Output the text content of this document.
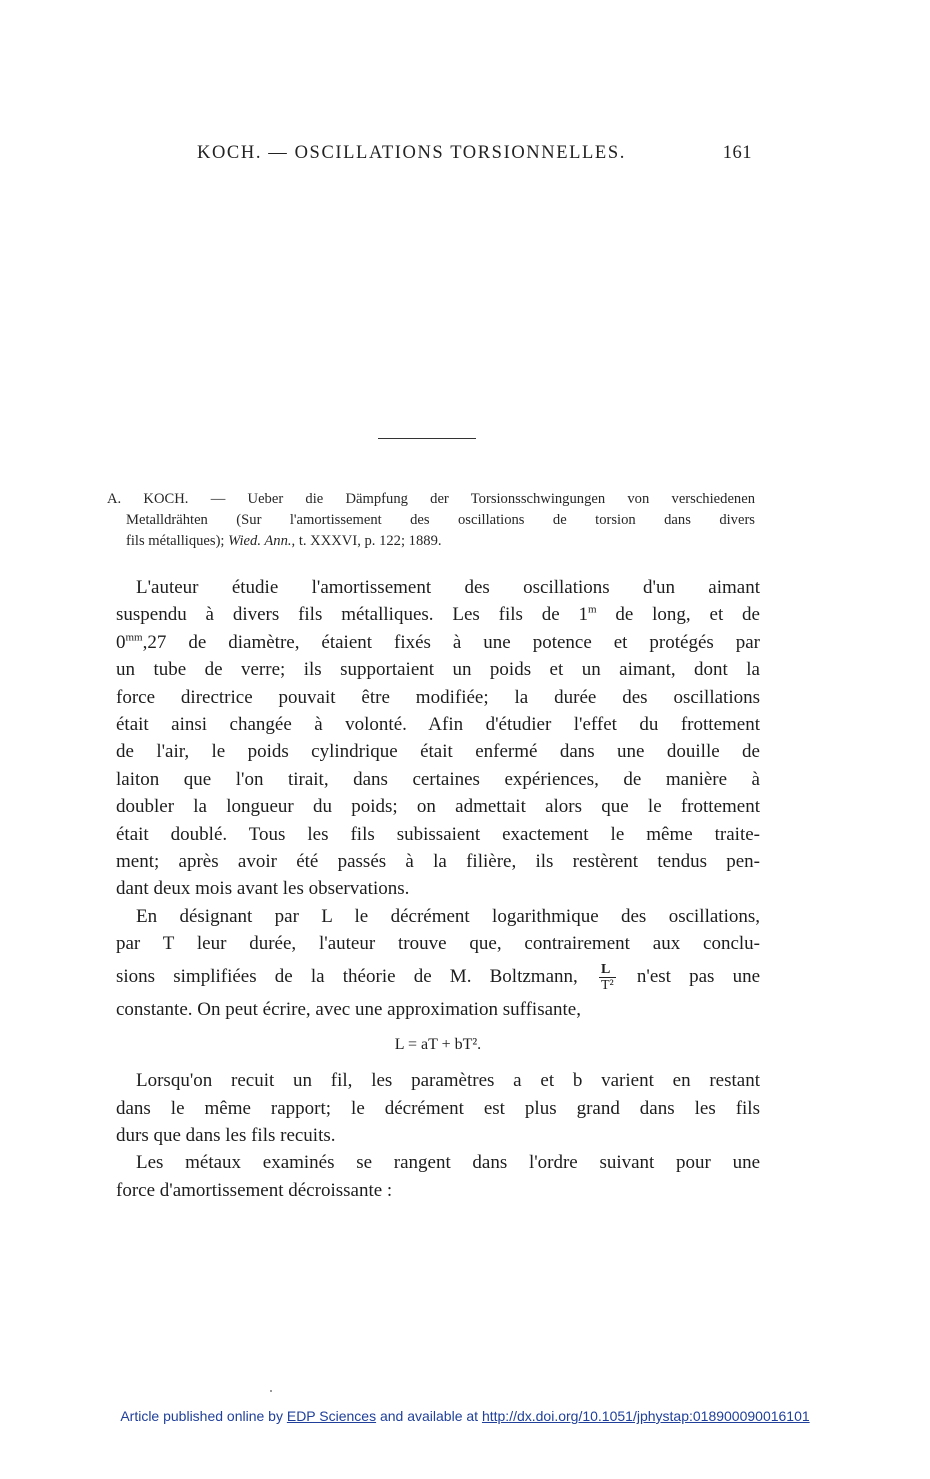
KOCH. — OSCILLATIONS TORSIONNELLES.	161
A. KOCH. — Ueber die Dämpfung der Torsionsschwingungen von verschiedenen
Metalldrähten (Sur l'amortissement des oscillations de torsion dans divers
fils métalliques); Wied. Ann., t. XXXVI, p. 122; 1889.
L'auteur étudie l'amortissement des oscillations d'un aimant
suspendu à divers fils métalliques. Les fils de 1$^m$ de long, et de
$0^{mm},27$ de diamètre, étaient fixés à une potence et protégés par
un tube de verre; ils supportaient un poids et un aimant, dont la
force directrice pouvait être modifiée; la durée des oscillations
était ainsi changée à volonté. Afin d'étudier l'effet du frottement
de l'air, le poids cylindrique était enfermé dans une douille de
laiton que l'on tirait, dans certaines expériences, de manière à
doubler la longueur du poids; on admettait alors que le frottement
était doublé. Tous les fils subissaient exactement le même traite-
ment; après avoir été passés à la filière, ils restèrent tendus pen-
dant deux mois avant les observations.
En désignant par L le décrément logarithmique des oscillations,
par T leur durée, l'auteur trouve que, contrairement aux conclu-
sions simplifiées de la théorie de M. Boltzmann, $\frac{L}{\text{T²}} n'est$ pas une
constante. On peut écrire, avec une approximation suffisante,
L = aT + bT².
Lorsqu'on recuit un fil, les paramètres a et b varient en restant
dans le même rapport; le décrément est plus grand dans les fils
durs que dans les fils recuits.
Les métaux examinés se rangent dans l'ordre suivant pour une
force d'amortissement décroissante :
Article published online by EDP Sciences and available at http://dx.doi.org/10.1051/jphystap:018900090016101
